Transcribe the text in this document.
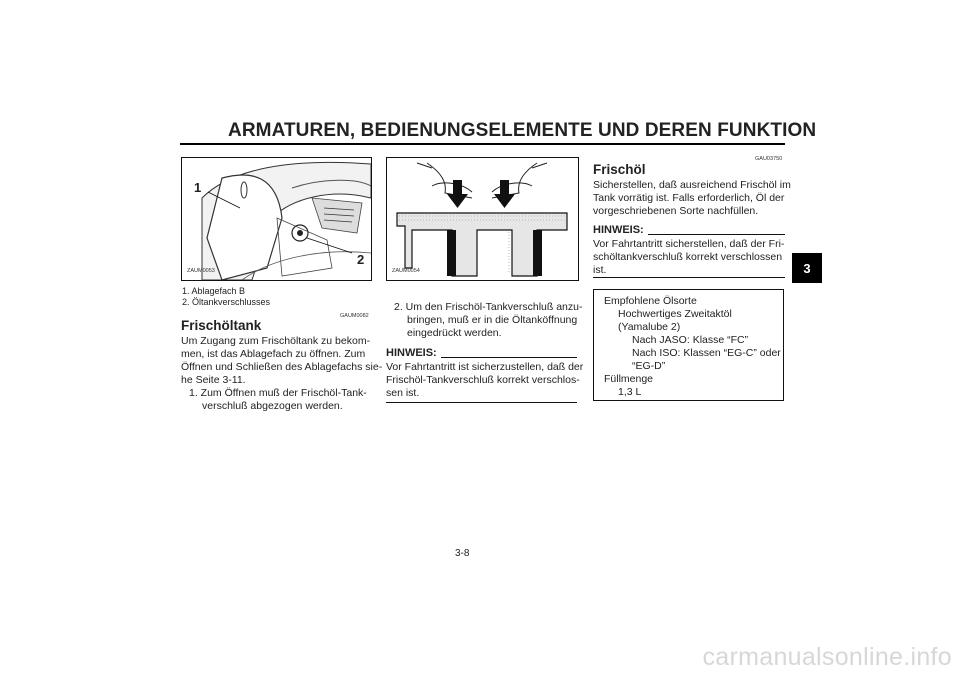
ARMATUREN, BEDIENUNGSELEMENTE UND DEREN FUNKTION
3
1
2
ZAUM0053	ZAUM0054
1. Ablagefach B
2. Öltankverschlusses
GAUM0082
Frischöltank
Um Zugang zum Frischöltank zu bekom-
men, ist das Ablagefach zu öffnen. Zum
Öffnen und Schließen des Ablagefachs sie-
he Seite 3-11.
1. Zum Öffnen muß der Frischöl-Tank-
verschluß abgezogen werden.
2. Um den Frischöl-Tankverschluß anzu-
bringen, muß er in die Öltanköffnung
eingedrückt werden.
HINWEIS:
Vor Fahrtantritt ist sicherzustellen, daß der
Frischöl-Tankverschluß korrekt verschlos-
sen ist.
GAU03750
Frischöl
Sicherstellen, daß ausreichend Frischöl im
Tank vorrätig ist. Falls erforderlich, Öl der
vorgeschriebenen Sorte nachfüllen.
HINWEIS:
Vor Fahrtantritt sicherstellen, daß der Fri-
schöltankverschluß korrekt verschlossen
ist.
Empfohlene Ölsorte
Hochwertiges Zweitaktöl
(Yamalube 2)
Nach JASO: Klasse “FC”
Nach ISO: Klassen “EG-C” oder
“EG-D”
Füllmenge
1,3 L
3-8
carmanualsonline.info
